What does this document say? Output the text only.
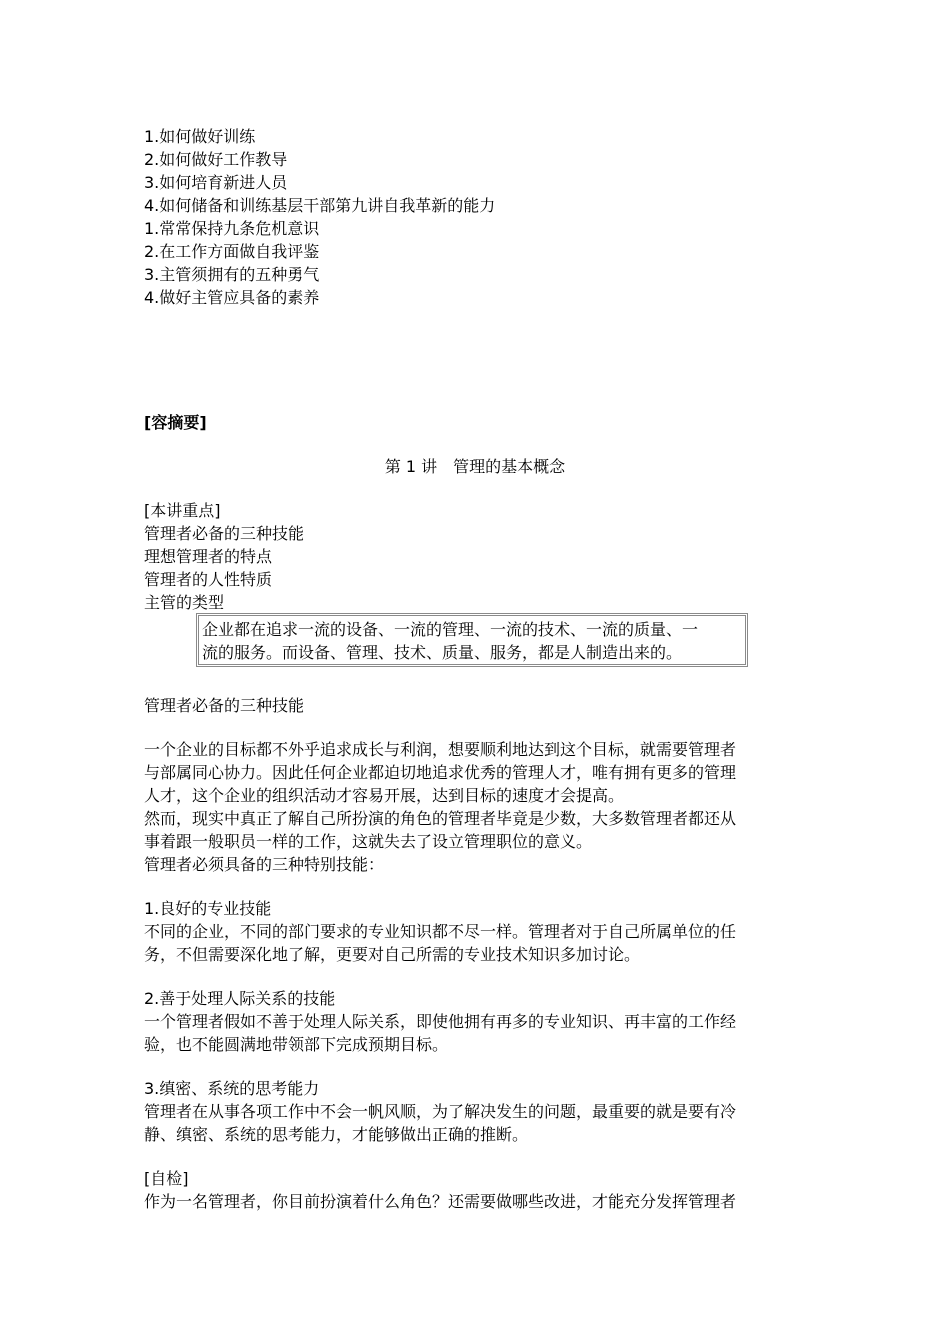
1.如何做好训练
2.如何做好工作教导
3.如何培育新进人员
4.如何储备和训练基层干部第九讲自我革新的能力
1.常常保持九条危机意识
2.在工作方面做自我评鉴
3.主管须拥有的五种勇气
4.做好主管应具备的素养
[容摘要]
第 1 讲　管理的基本概念
[本讲重点]
管理者必备的三种技能
理想管理者的特点
管理者的人性特质
主管的类型
企业都在追求一流的设备、一流的管理、一流的技术、一流的质量、一
流的服务。而设备、管理、技术、质量、服务，都是人制造出来的。
管理者必备的三种技能
一个企业的目标都不外乎追求成长与利润，想要顺利地达到这个目标，就需要管理者
与部属同心协力。因此任何企业都迫切地追求优秀的管理人才，唯有拥有更多的管理
人才，这个企业的组织活动才容易开展，达到目标的速度才会提高。
然而，现实中真正了解自己所扮演的角色的管理者毕竟是少数，大多数管理者都还从
事着跟一般职员一样的工作，这就失去了设立管理职位的意义。
管理者必须具备的三种特别技能：
1.良好的专业技能
不同的企业，不同的部门要求的专业知识都不尽一样。管理者对于自己所属单位的任
务，不但需要深化地了解，更要对自己所需的专业技术知识多加讨论。
2.善于处理人际关系的技能
一个管理者假如不善于处理人际关系，即使他拥有再多的专业知识、再丰富的工作经
验，也不能圆满地带领部下完成预期目标。
3.缜密、系统的思考能力
管理者在从事各项工作中不会一帆风顺，为了解决发生的问题，最重要的就是要有冷
静、缜密、系统的思考能力，才能够做出正确的推断。
[自检]
作为一名管理者，你目前扮演着什么角色？还需要做哪些改进，才能充分发挥管理者
